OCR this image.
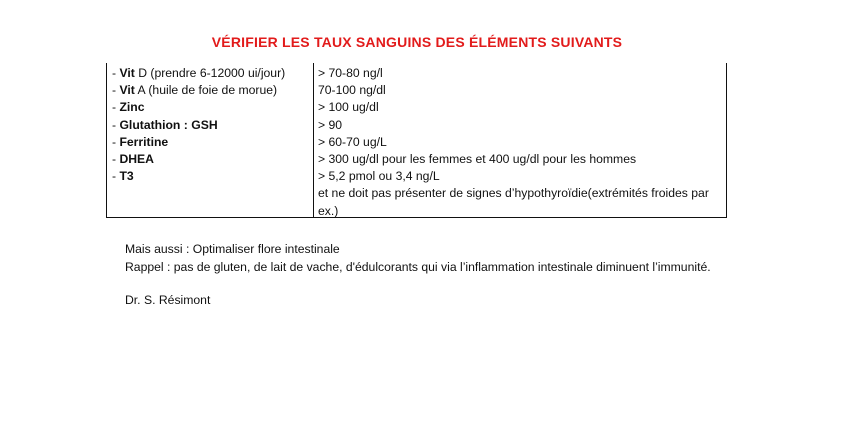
VÉRIFIER LES TAUX SANGUINS DES ÉLÉMENTS SUIVANTS
- Vit D (prendre 6-12000 ui/jour)
- Vit A (huile de foie de morue)
- Zinc
- Glutathion : GSH
- Ferritine
- DHEA
- T3
> 70-80 ng/l
70-100 ng/dl
> 100 ug/dl
> 90
> 60-70 ug/L
> 300 ug/dl pour les femmes et 400 ug/dl pour les hommes
> 5,2 pmol ou 3,4 ng/L
et ne doit pas présenter de signes d’hypothyroïdie(extrémités froides par ex.)

Mais aussi : Optimaliser flore intestinale

Rappel : pas de gluten, de lait de vache, d'édulcorants qui via l’inflammation intestinale diminuent l’immunité.

Dr. S. Résimont
